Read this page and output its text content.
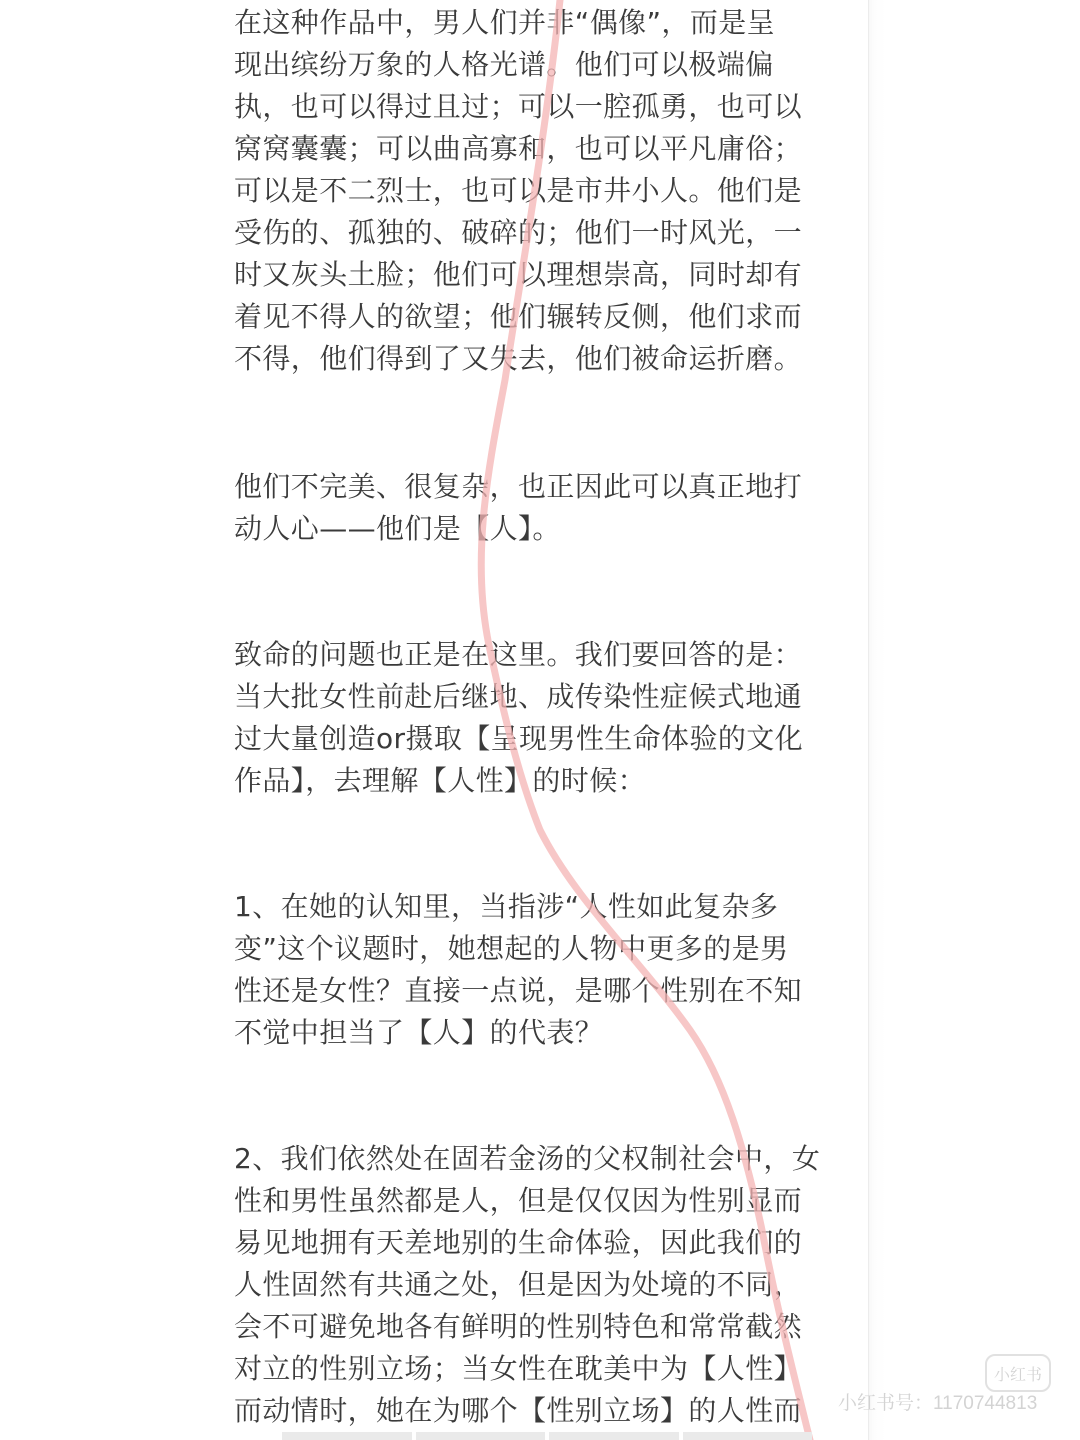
在这种作品中，男人们并非“偶像”，而是呈
现出缤纷万象的人格光谱。他们可以极端偏
执，也可以得过且过；可以一腔孤勇，也可以
窝窝囊囊；可以曲高寡和，也可以平凡庸俗；
可以是不二烈士，也可以是市井小人。他们是
受伤的、孤独的、破碎的；他们一时风光，一
时又灰头土脸；他们可以理想崇高，同时却有
着见不得人的欲望；他们辗转反侧，他们求而
不得，他们得到了又失去，他们被命运折磨。
他们不完美、很复杂，也正因此可以真正地打
动人心——他们是【人】。
致命的问题也正是在这里。我们要回答的是：
当大批女性前赴后继地、成传染性症候式地通
过大量创造or摄取【呈现男性生命体验的文化
作品】，去理解【人性】的时候：
1、在她的认知里，当指涉“人性如此复杂多
变”这个议题时，她想起的人物中更多的是男
性还是女性？直接一点说，是哪个性别在不知
不觉中担当了【人】的代表？
2、我们依然处在固若金汤的父权制社会中，女
性和男性虽然都是人，但是仅仅因为性别显而
易见地拥有天差地别的生命体验，因此我们的
人性固然有共通之处，但是因为处境的不同，
会不可避免地各有鲜明的性别特色和常常截然
对立的性别立场；当女性在耽美中为【人性】
而动情时，她在为哪个【性别立场】的人性而
小红书
小红书号：1170744813
